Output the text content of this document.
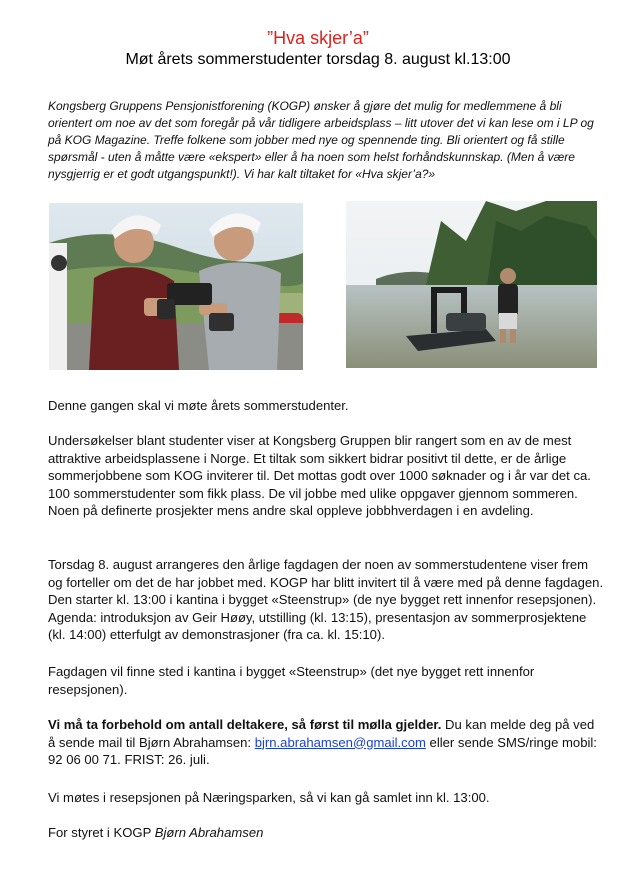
”Hva skjer’a”
Møt årets sommerstudenter torsdag 8. august kl.13:00
Kongsberg Gruppens Pensjonistforening (KOGP) ønsker å gjøre det mulig for medlemmene å bli orientert om noe av det som foregår på vår tidligere arbeidsplass – litt utover det vi kan lese om i LP og på KOG Magazine. Treffe folkene som jobber med nye og spennende ting. Bli orientert og få stille spørsmål - uten å måtte være «ekspert» eller å ha noen som helst forhåndskunnskap. (Men å være nysgjerrig er et godt utgangspunkt!). Vi har kalt tiltaket for «Hva skjer’a?»

Denne gangen skal vi møte årets sommerstudenter.

Undersøkelser blant studenter viser at Kongsberg Gruppen blir rangert som en av de mest attraktive arbeidsplassene i Norge. Et tiltak som sikkert bidrar positivt til dette, er de årlige sommerjobbene som KOG inviterer til. Det mottas godt over 1000 søknader og i år var det ca. 100 sommerstudenter som fikk plass. De vil jobbe med ulike oppgaver gjennom sommeren. Noen på definerte prosjekter mens andre skal oppleve jobbhverdagen i en avdeling.

Torsdag 8. august arrangeres den årlige fagdagen der noen av sommerstudentene viser frem og forteller om det de har jobbet med. KOGP har blitt invitert til å være med på denne fagdagen. Den starter kl. 13:00 i kantina i bygget «Steenstrup» (de nye bygget rett innenfor resepsjonen). Agenda: introduksjon av Geir Høøy, utstilling (kl. 13:15), presentasjon av sommerprosjektene (kl. 14:00) etterfulgt av demonstrasjoner (fra ca. kl. 15:10).

Fagdagen vil finne sted i kantina i bygget «Steenstrup» (det nye bygget rett innenfor resepsjonen).

Vi må ta forbehold om antall deltakere, så først til mølla gjelder. Du kan melde deg på ved å sende mail til Bjørn Abrahamsen: bjrn.abrahamsen@gmail.com eller sende SMS/ringe mobil: 92 06 00 71. FRIST: 26. juli.

Vi møtes i resepsjonen på Næringsparken, så vi kan gå samlet inn kl. 13:00.

For styret i KOGP Bjørn Abrahamsen
